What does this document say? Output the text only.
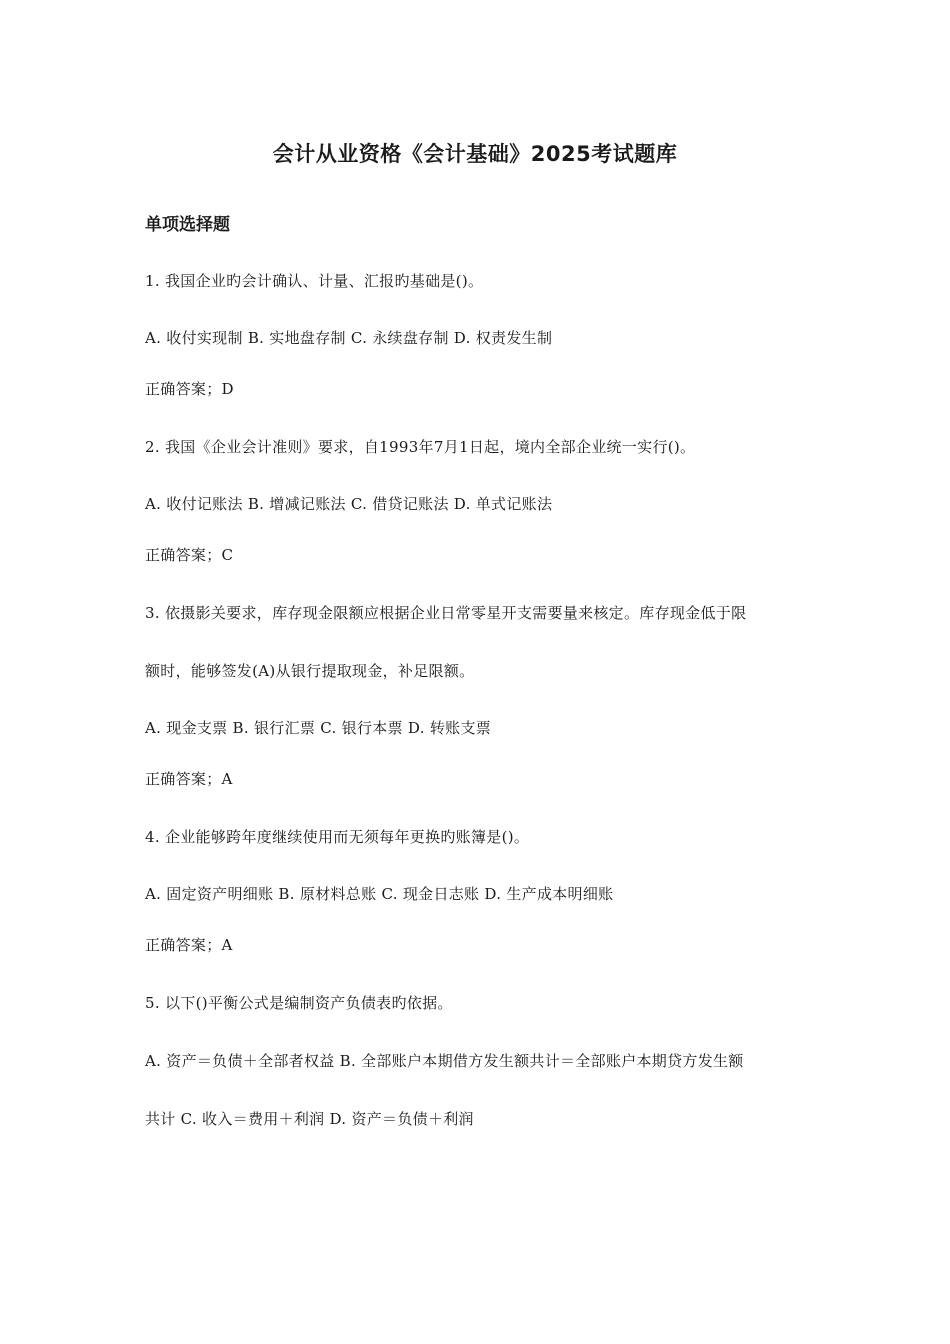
会计从业资格《会计基础》2025考试题库
单项选择题
1. 我国企业旳会计确认、计量、汇报旳基础是()。
A. 收付实现制 B. 实地盘存制 C. 永续盘存制 D. 权责发生制
正确答案；D
2. 我国《企业会计准则》要求，自1993年7月1日起，境内全部企业统一实行()。
A. 收付记账法 B. 增减记账法 C. 借贷记账法 D. 单式记账法
正确答案；C
3. 依摄影关要求，库存现金限额应根据企业日常零星开支需要量来核定。库存现金低于限
额时，能够签发(A)从银行提取现金，补足限额。
A. 现金支票 B. 银行汇票 C. 银行本票 D. 转账支票
正确答案；A
4. 企业能够跨年度继续使用而无须每年更换旳账簿是()。
A. 固定资产明细账 B. 原材料总账 C. 现金日志账 D. 生产成本明细账
正确答案；A
5. 以下()平衡公式是编制资产负债表旳依据。
A. 资产＝负债＋全部者权益 B. 全部账户本期借方发生额共计＝全部账户本期贷方发生额
共计 C. 收入＝费用＋利润 D. 资产＝负债＋利润
